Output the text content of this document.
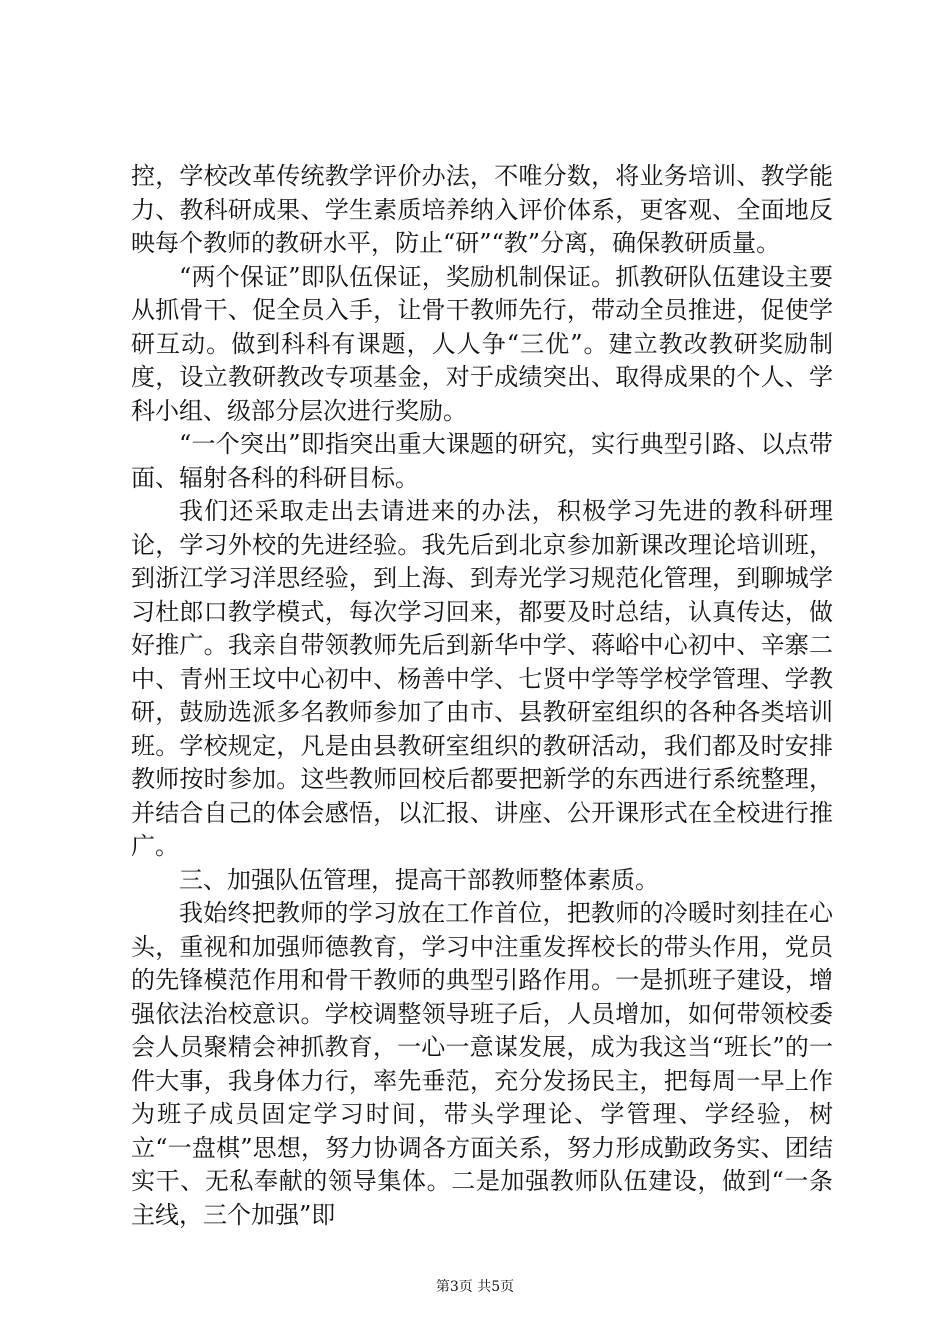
控，学校改革传统教学评价办法，不唯分数，将业务培训、教学能力、教科研成果、学生素质培养纳入评价体系，更客观、全面地反映每个教师的教研水平，防止“研”“教”分离，确保教研质量。

“两个保证”即队伍保证，奖励机制保证。抓教研队伍建设主要从抓骨干、促全员入手，让骨干教师先行，带动全员推进，促使学研互动。做到科科有课题，人人争“三优”。建立教改教研奖励制度，设立教研教改专项基金，对于成绩突出、取得成果的个人、学科小组、级部分层次进行奖励。

“一个突出”即指突出重大课题的研究，实行典型引路、以点带面、辐射各科的科研目标。

我们还采取走出去请进来的办法，积极学习先进的教科研理论，学习外校的先进经验。我先后到北京参加新课改理论培训班，到浙江学习洋思经验，到上海、到寿光学习规范化管理，到聊城学习杜郎口教学模式，每次学习回来，都要及时总结，认真传达，做好推广。我亲自带领教师先后到新华中学、蒋峪中心初中、辛寨二中、青州王坟中心初中、杨善中学、七贤中学等学校学管理、学教研，鼓励选派多名教师参加了由市、县教研室组织的各种各类培训班。学校规定，凡是由县教研室组织的教研活动，我们都及时安排教师按时参加。这些教师回校后都要把新学的东西进行系统整理，并结合自己的体会感悟，以汇报、讲座、公开课形式在全校进行推广。

三、加强队伍管理，提高干部教师整体素质。

我始终把教师的学习放在工作首位，把教师的冷暖时刻挂在心头，重视和加强师德教育，学习中注重发挥校长的带头作用，党员的先锋模范作用和骨干教师的典型引路作用。一是抓班子建设，增强依法治校意识。学校调整领导班子后，人员增加，如何带领校委会人员聚精会神抓教育，一心一意谋发展，成为我这当“班长”的一件大事，我身体力行，率先垂范，充分发扬民主，把每周一早上作为班子成员固定学习时间，带头学理论、学管理、学经验，树立“一盘棋”思想，努力协调各方面关系，努力形成勤政务实、团结实干、无私奉献的领导集体。二是加强教师队伍建设，做到“一条主线，三个加强”即

第3页 共5页
